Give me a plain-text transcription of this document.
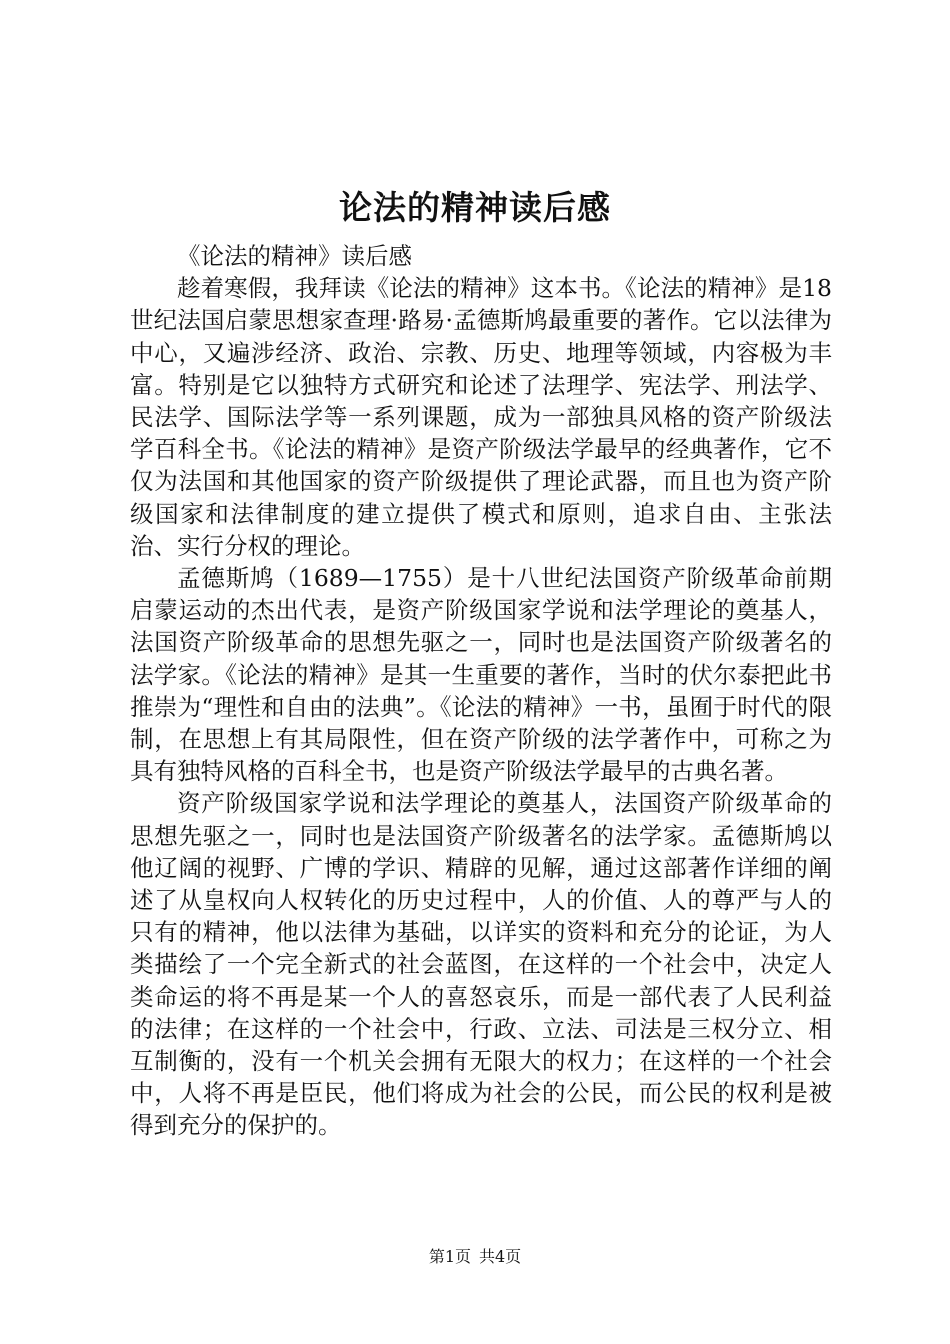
论法的精神读后感

《论法的精神》读后感

趁着寒假，我拜读《论法的精神》这本书。《论法的精神》是18世纪法国启蒙思想家查理·路易·孟德斯鸠最重要的著作。它以法律为中心，又遍涉经济、政治、宗教、历史、地理等领域，内容极为丰富。特别是它以独特方式研究和论述了法理学、宪法学、刑法学、民法学、国际法学等一系列课题，成为一部独具风格的资产阶级法学百科全书。《论法的精神》是资产阶级法学最早的经典著作，它不仅为法国和其他国家的资产阶级提供了理论武器，而且也为资产阶级国家和法律制度的建立提供了模式和原则，追求自由、主张法治、实行分权的理论。

孟德斯鸠（1689—1755）是十八世纪法国资产阶级革命前期启蒙运动的杰出代表，是资产阶级国家学说和法学理论的奠基人，法国资产阶级革命的思想先驱之一，同时也是法国资产阶级著名的法学家。《论法的精神》是其一生重要的著作，当时的伏尔泰把此书推崇为“理性和自由的法典”。《论法的精神》一书，虽囿于时代的限制，在思想上有其局限性，但在资产阶级的法学著作中，可称之为具有独特风格的百科全书，也是资产阶级法学最早的古典名著。

资产阶级国家学说和法学理论的奠基人，法国资产阶级革命的思想先驱之一，同时也是法国资产阶级著名的法学家。孟德斯鸠以他辽阔的视野、广博的学识、精辟的见解，通过这部著作详细的阐述了从皇权向人权转化的历史过程中，人的价值、人的尊严与人的只有的精神，他以法律为基础，以详实的资料和充分的论证，为人类描绘了一个完全新式的社会蓝图，在这样的一个社会中，决定人类命运的将不再是某一个人的喜怒哀乐，而是一部代表了人民利益的法律；在这样的一个社会中，行政、立法、司法是三权分立、相互制衡的，没有一个机关会拥有无限大的权力；在这样的一个社会中，人将不再是臣民，他们将成为社会的公民，而公民的权利是被得到充分的保护的。

第1页 共4页
